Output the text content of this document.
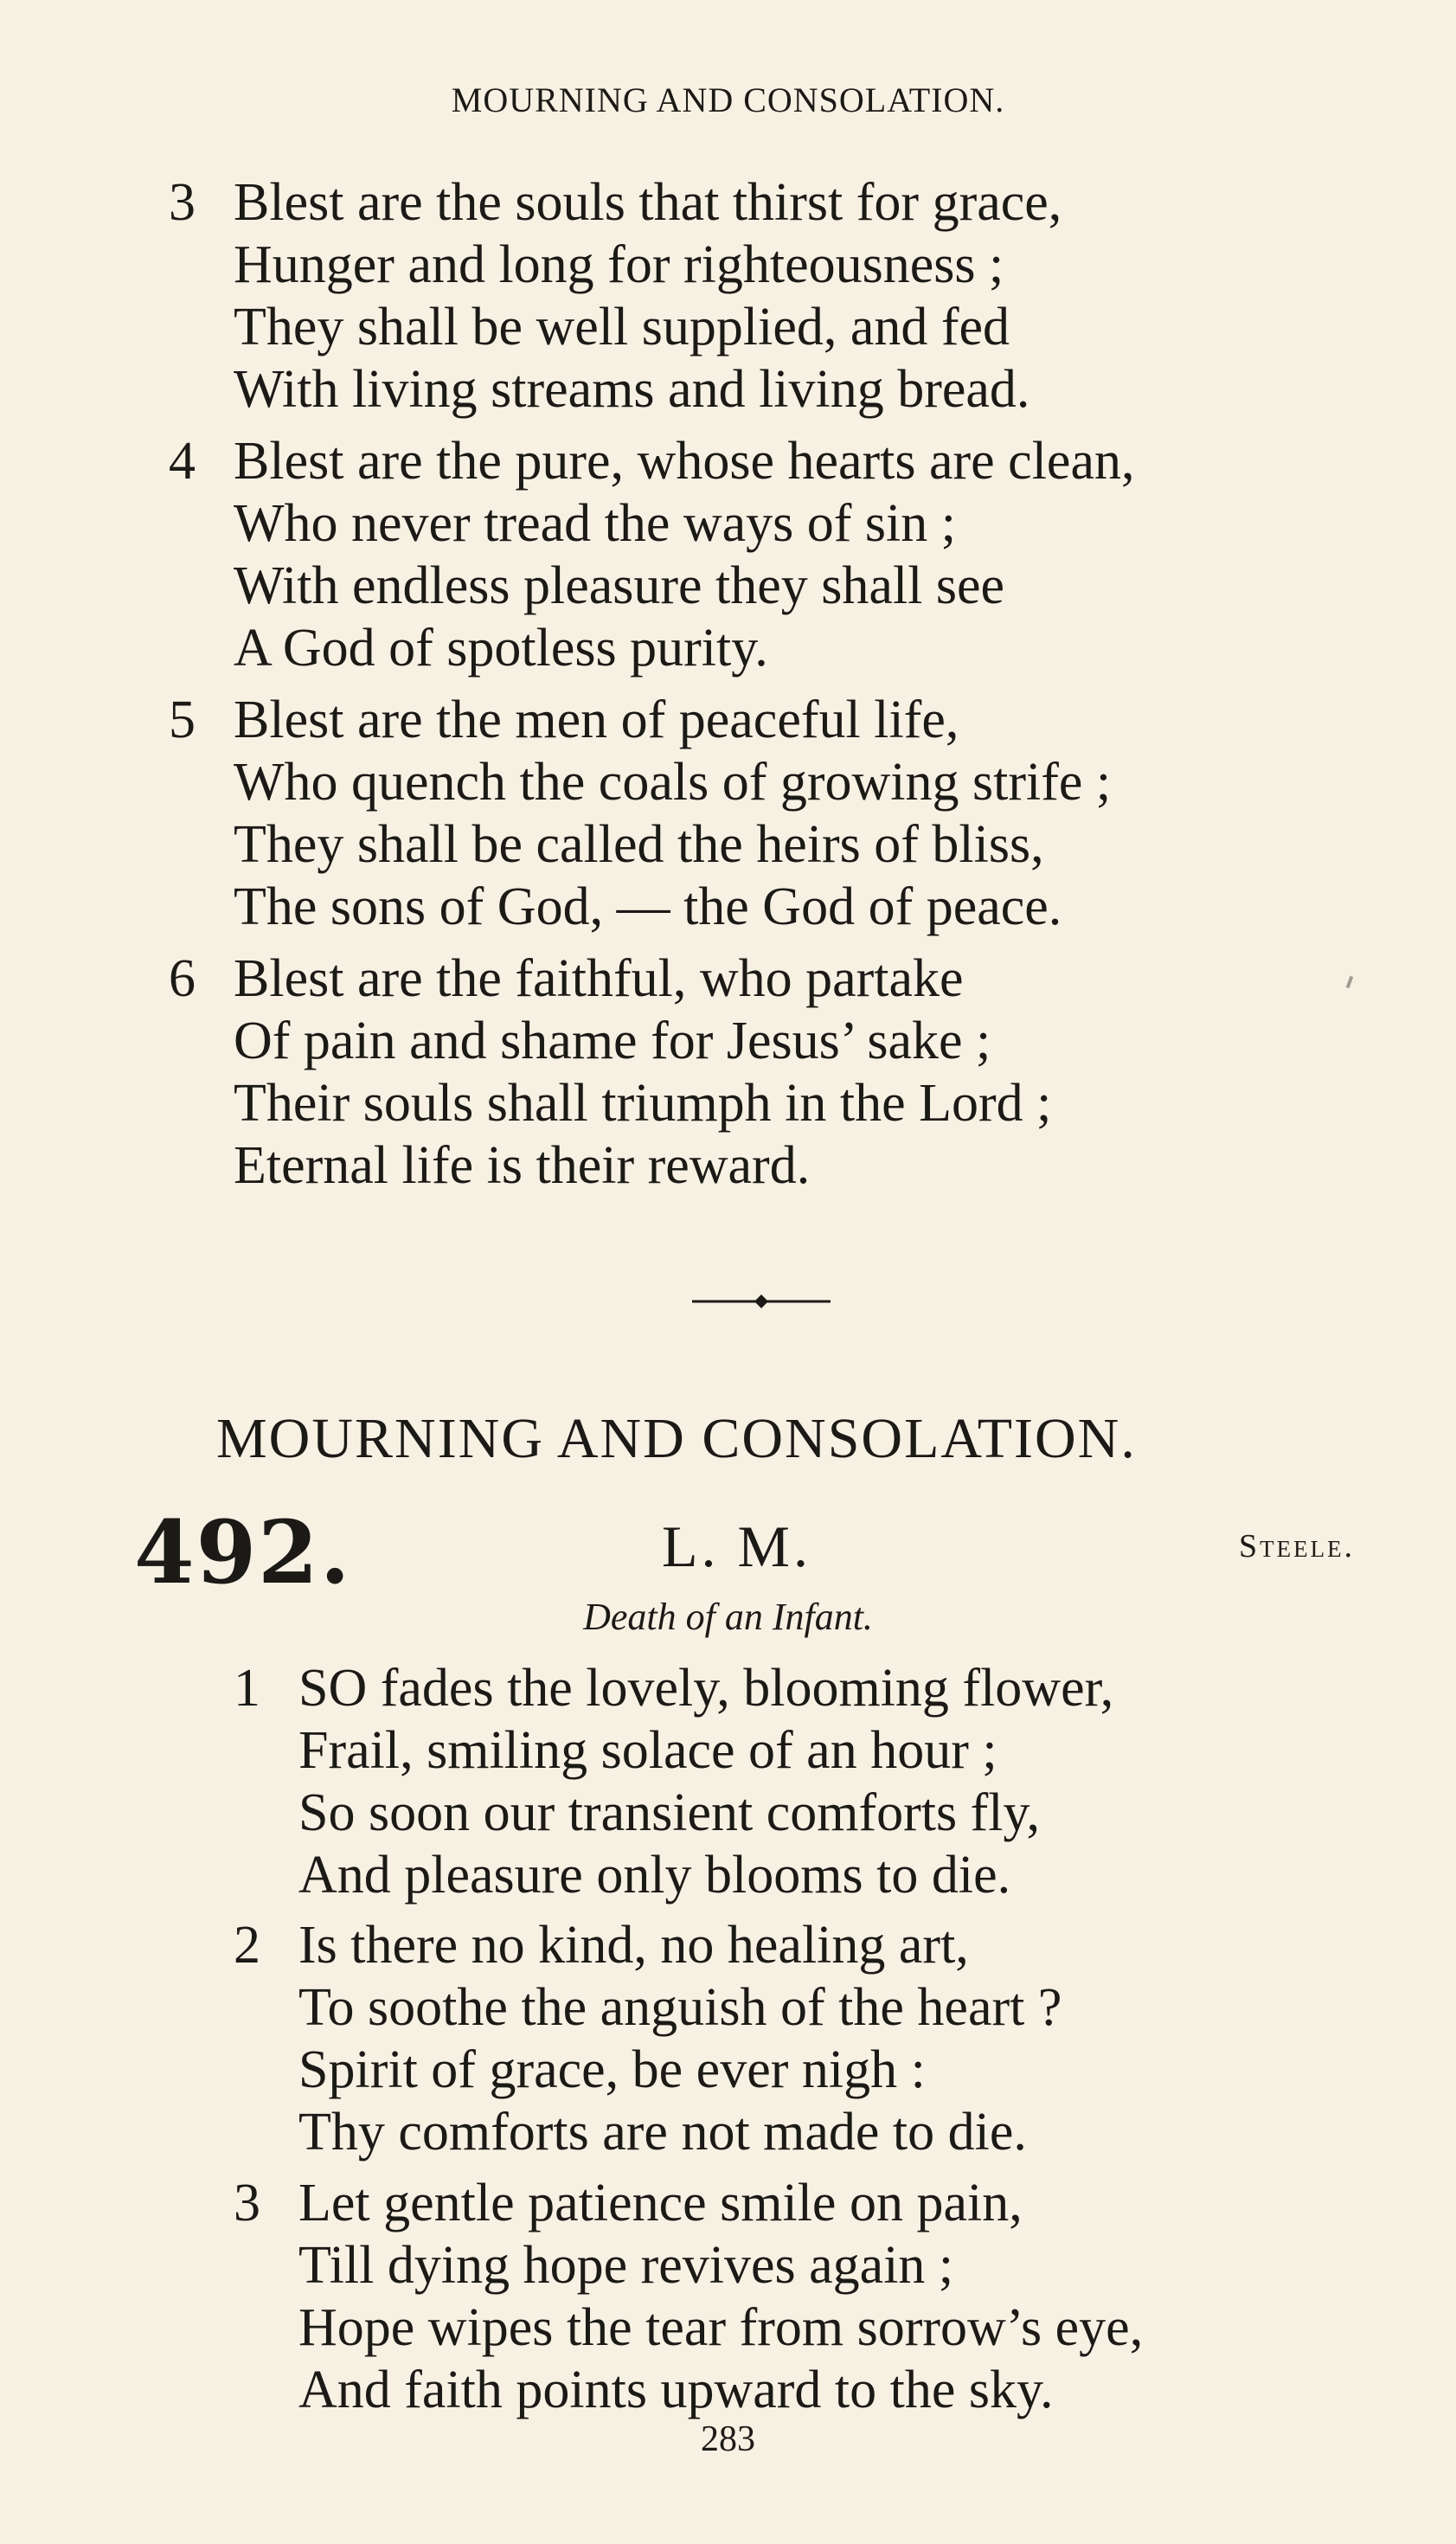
MOURNING AND CONSOLATION.
3 Blest are the souls that thirst for grace,
Hunger and long for righteousness ;
They shall be well supplied, and fed
With living streams and living bread.
4 Blest are the pure, whose hearts are clean,
Who never tread the ways of sin ;
With endless pleasure they shall see
A God of spotless purity.
5 Blest are the men of peaceful life,
Who quench the coals of growing strife ;
They shall be called the heirs of bliss,
The sons of God, — the God of peace.
6 Blest are the faithful, who partake
Of pain and shame for Jesus’ sake ;
Their souls shall triumph in the Lord ;
Eternal life is their reward.
MOURNING AND CONSOLATION.
492.	L. M.	Steele.
Death of an Infant.
1 SO fades the lovely, blooming flower,
Frail, smiling solace of an hour ;
So soon our transient comforts fly,
And pleasure only blooms to die.
2 Is there no kind, no healing art,
To soothe the anguish of the heart ?
Spirit of grace, be ever nigh :
Thy comforts are not made to die.
3 Let gentle patience smile on pain,
Till dying hope revives again ;
Hope wipes the tear from sorrow’s eye,
And faith points upward to the sky.
283
